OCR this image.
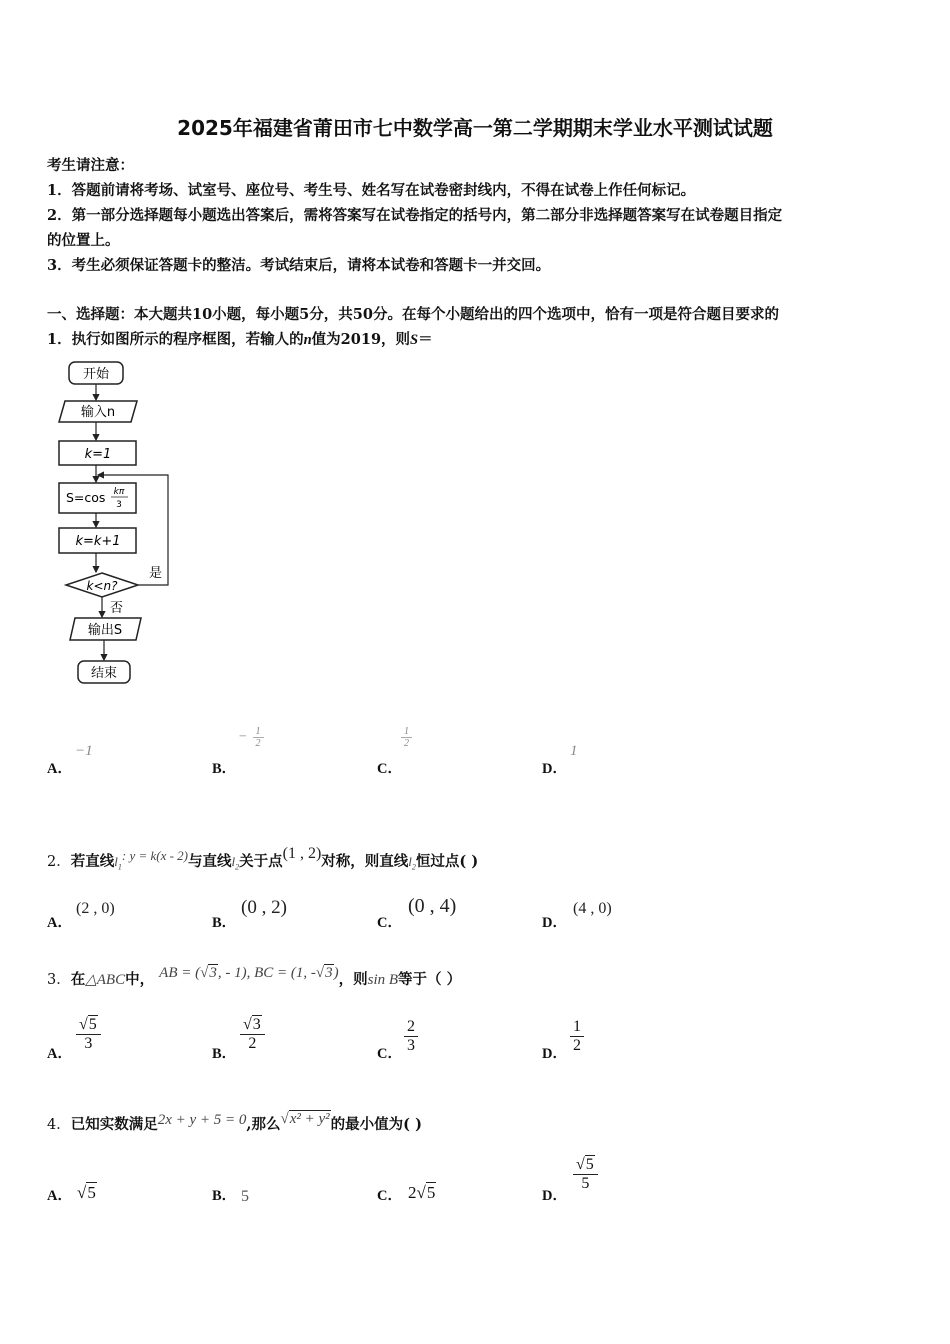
2025年福建省莆田市七中数学高一第二学期期末学业水平测试试题
考生请注意：
1．答题前请将考场、试室号、座位号、考生号、姓名写在试卷密封线内，不得在试卷上作任何标记。
2．第一部分选择题每小题选出答案后，需将答案写在试卷指定的括号内，第二部分非选择题答案写在试卷题目指定
的位置上。
3．考生必须保证答题卡的整洁。考试结束后，请将本试卷和答题卡一并交回。
一、选择题：本大题共10小题，每小题5分，共50分。在每个小题给出的四个选项中，恰有一项是符合题目要求的
1．执行如图所示的程序框图，若输人的n值为2019，则S＝
开始
输入n
k=1
S=cos kπ
3
k=k+1
k<n?
是
否
输出S
结束
A．
−1
B．
− $\frac{1}{2}$
C．
$\frac{1}{2}$
D．
1
2．若直线$l_1$: y = k(x - 2)与直线$l_2$关于点(1 , 2)对称，则直线$l_2$恒过点( )
A．
(2 , 0)
B．
(0 , 2)
C．
(0 , 4)
D．
(4 , 0)
3．在△ABC中， AB = (√3, - 1), BC = (1, -√3)，则sin B等于（ ）
A．
$\frac{√5}{3}$
B．
$\frac{√3}{2}$
C． $\frac{2}{3}$	D． $\frac{1}{2}$
4．已知实数满足2x + y + 5 = 0,那么√x² + y²的最小值为( )
A． √5	B． 5	C． 2√5	D．
$\frac{√5}{5}$
